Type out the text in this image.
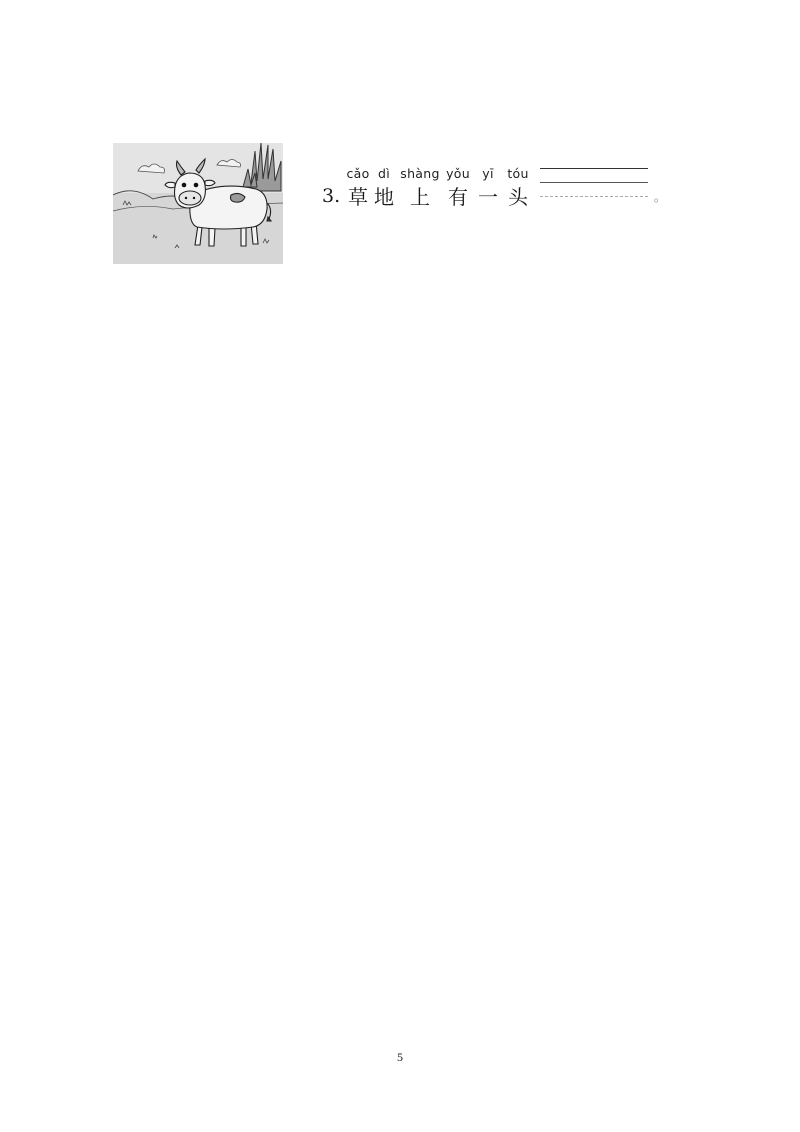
3.
cǎo
草
dì
地
shàng
上
yǒu
有
yī
一
tóu
头	。
5
